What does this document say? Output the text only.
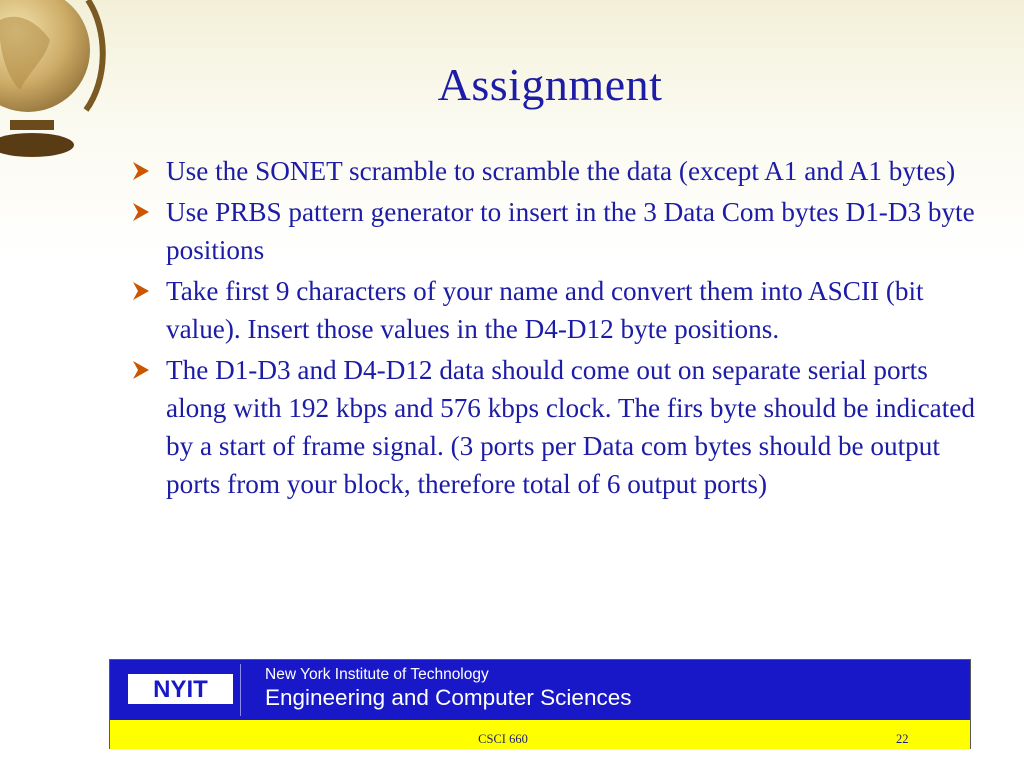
Assignment
Use the SONET scramble to scramble the data (except A1 and A1 bytes)
Use PRBS pattern generator to insert in the 3 Data Com bytes D1-D3 byte positions
Take first 9 characters of your name and convert them into ASCII (bit value). Insert those values in the D4-D12 byte positions.
The D1-D3 and D4-D12 data should come out on separate serial ports along with 192 kbps and 576 kbps clock. The firs byte should be indicated by a start of frame signal. (3 ports per Data com bytes should be output ports from your block, therefore total of 6 output ports)
NYIT
New York Institute of Technology
Engineering and Computer Sciences
CSCI 660	22
